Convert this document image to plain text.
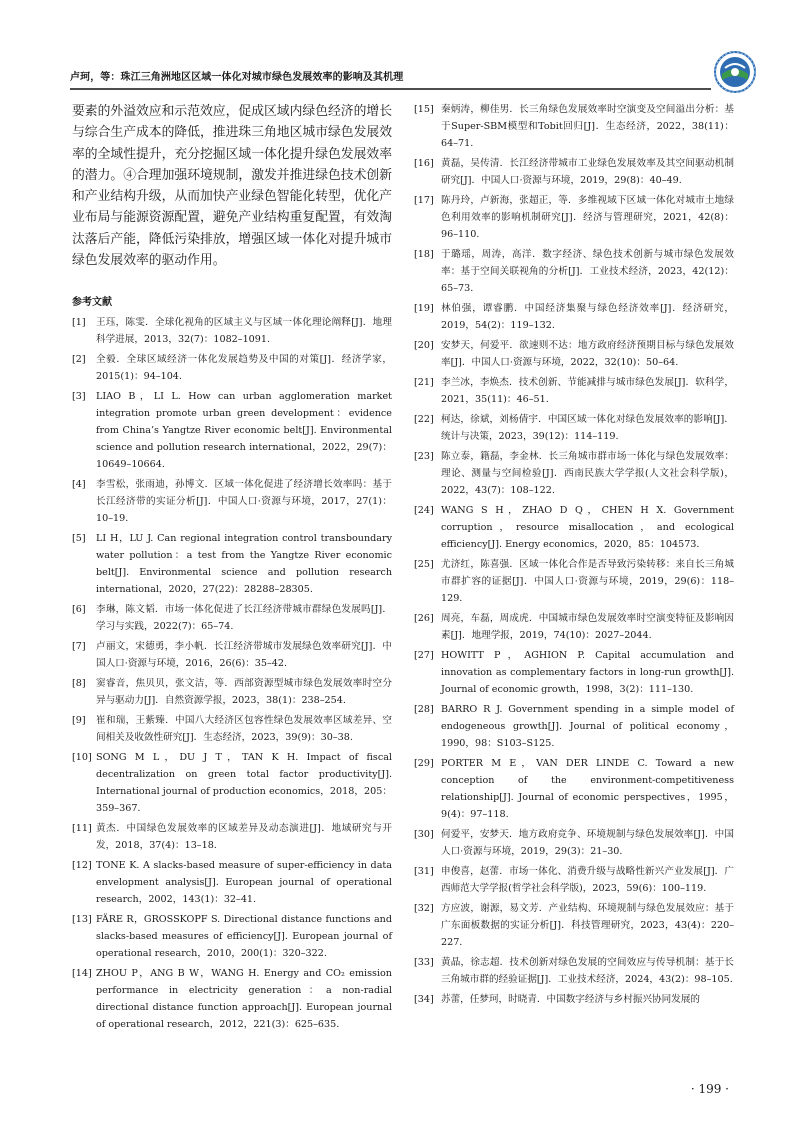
卢珂，等：珠江三角洲地区区域一体化对城市绿色发展效率的影响及其机理

要素的外溢效应和示范效应，促成区域内绿色经济的增长与综合生产成本的降低，推进珠三角地区城市绿色发展效率的全域性提升，充分挖掘区域一体化提升绿色发展效率的潜力。④合理加强环境规制，激发并推进绿色技术创新和产业结构升级，从而加快产业绿色智能化转型，优化产业布局与能源资源配置，避免产业结构重复配置，有效淘汰落后产能，降低污染排放，增强区域一体化对提升城市绿色发展效率的驱动作用。

参考文献
[1] 王珏，陈雯．全球化视角的区域主义与区域一体化理论阐释[J]．地理科学进展，2013，32(7)：1082–1091.
[2] 全毅．全球区域经济一体化发展趋势及中国的对策[J]．经济学家，2015(1)：94–104.
[3] LIAO B，LI L. How can urban agglomeration market integration promote urban green development：evidence from China’s Yangtze River economic belt[J]. Environmental science and pollution research international，2022，29(7)：10649–10664.
[4] 李雪松，张雨迪，孙博文．区域一体化促进了经济增长效率吗：基于长江经济带的实证分析[J]．中国人口·资源与环境，2017，27(1)：10–19.
[5] LI H，LU J. Can regional integration control transboundary water pollution：a test from the Yangtze River economic belt[J]. Environmental science and pollution research international，2020，27(22)：28288–28305.
[6] 李琳，陈文韬．市场一体化促进了长江经济带城市群绿色发展吗[J]．学习与实践，2022(7)：65–74.
[7] 卢丽文，宋德勇，李小帆．长江经济带城市发展绿色效率研究[J]．中国人口·资源与环境，2016，26(6)：35–42.
[8] 窦睿音，焦贝贝，张文洁，等．西部资源型城市绿色发展效率时空分异与驱动力[J]．自然资源学报，2023，38(1)：238–254.
[9] 崔和瑞，王紫臻．中国八大经济区包容性绿色发展效率区域差异、空间相关及收敛性研究[J]．生态经济，2023，39(9)：30–38.
[10] SONG M L，DU J T，TAN K H. Impact of fiscal decentralization on green total factor productivity[J]. International journal of production economics，2018，205：359–367.
[11] 黄杰．中国绿色发展效率的区域差异及动态演进[J]．地域研究与开发，2018，37(4)：13–18.
[12] TONE K. A slacks-based measure of super-efficiency in data envelopment analysis[J]. European journal of operational research，2002，143(1)：32–41.
[13] FÄRE R，GROSSKOPF S. Directional distance functions and slacks-based measures of efficiency[J]. European journal of operational research，2010，200(1)：320–322.
[14] ZHOU P，ANG B W，WANG H. Energy and CO₂ emission performance in electricity generation：a non-radial directional distance function approach[J]. European journal of operational research，2012，221(3)：625–635.
[15] 秦炳涛，柳佳男．长三角绿色发展效率时空演变及空间溢出分析：基于Super-SBM模型和Tobit回归[J]．生态经济，2022，38(11)：64–71.
[16] 黄磊，吴传清．长江经济带城市工业绿色发展效率及其空间驱动机制研究[J]．中国人口·资源与环境，2019，29(8)：40–49.
[17] 陈丹玲，卢新海，张超正，等．多维视域下区域一体化对城市土地绿色利用效率的影响机制研究[J]．经济与管理研究，2021，42(8)：96–110.
[18] 于璐瑶，周涛，高洋．数字经济、绿色技术创新与城市绿色发展效率：基于空间关联视角的分析[J]．工业技术经济，2023，42(12)：65–73.
[19] 林伯强，谭睿鹏．中国经济集聚与绿色经济效率[J]．经济研究，2019，54(2)：119–132.
[20] 安梦天，何爱平．欲速则不达：地方政府经济预期目标与绿色发展效率[J]．中国人口·资源与环境，2022，32(10)：50–64.
[21] 李兰冰，李焕杰．技术创新、节能减排与城市绿色发展[J]．软科学，2021，35(11)：46–51.
[22] 柯达，徐斌，刘杨倩宇．中国区域一体化对绿色发展效率的影响[J]．统计与决策，2023，39(12)：114–119.
[23] 陈立泰，籍磊，李金林．长三角城市群市场一体化与绿色发展效率：理论、测量与空间检验[J]．西南民族大学学报(人文社会科学版)，2022，43(7)：108–122.
[24] WANG S H，ZHAO D Q，CHEN H X. Government corruption，resource misallocation，and ecological efficiency[J]. Energy economics，2020，85：104573.
[25] 尤济红，陈喜强．区域一体化合作是否导致污染转移：来自长三角城市群扩容的证据[J]．中国人口·资源与环境，2019，29(6)：118–129.
[26] 周亮，车磊，周成虎．中国城市绿色发展效率时空演变特征及影响因素[J]．地理学报，2019，74(10)：2027–2044.
[27] HOWITT P，AGHION P. Capital accumulation and innovation as complementary factors in long-run growth[J]. Journal of economic growth，1998，3(2)：111–130.
[28] BARRO R J. Government spending in a simple model of endogeneous growth[J]. Journal of political economy，1990，98：S103–S125.
[29] PORTER M E，VAN DER LINDE C. Toward a new conception of the environment-competitiveness relationship[J]. Journal of economic perspectives，1995，9(4)：97–118.
[30] 何爱平，安梦天．地方政府竞争、环境规制与绿色发展效率[J]．中国人口·资源与环境，2019，29(3)：21–30.
[31] 申俊喜，赵蕾．市场一体化、消费升级与战略性新兴产业发展[J]．广西师范大学学报(哲学社会科学版)，2023，59(6)：100–119.
[32] 方应波，谢源，易文芳．产业结构、环境规制与绿色发展效应：基于广东面板数据的实证分析[J]．科技管理研究，2023，43(4)：220–227.
[33] 黄晶，徐志超．技术创新对绿色发展的空间效应与传导机制：基于长三角城市群的经验证据[J]．工业技术经济，2024，43(2)：98–105.
[34] 苏蕾，任梦珂，时晓青．中国数字经济与乡村振兴协同发展的
· 199 ·
